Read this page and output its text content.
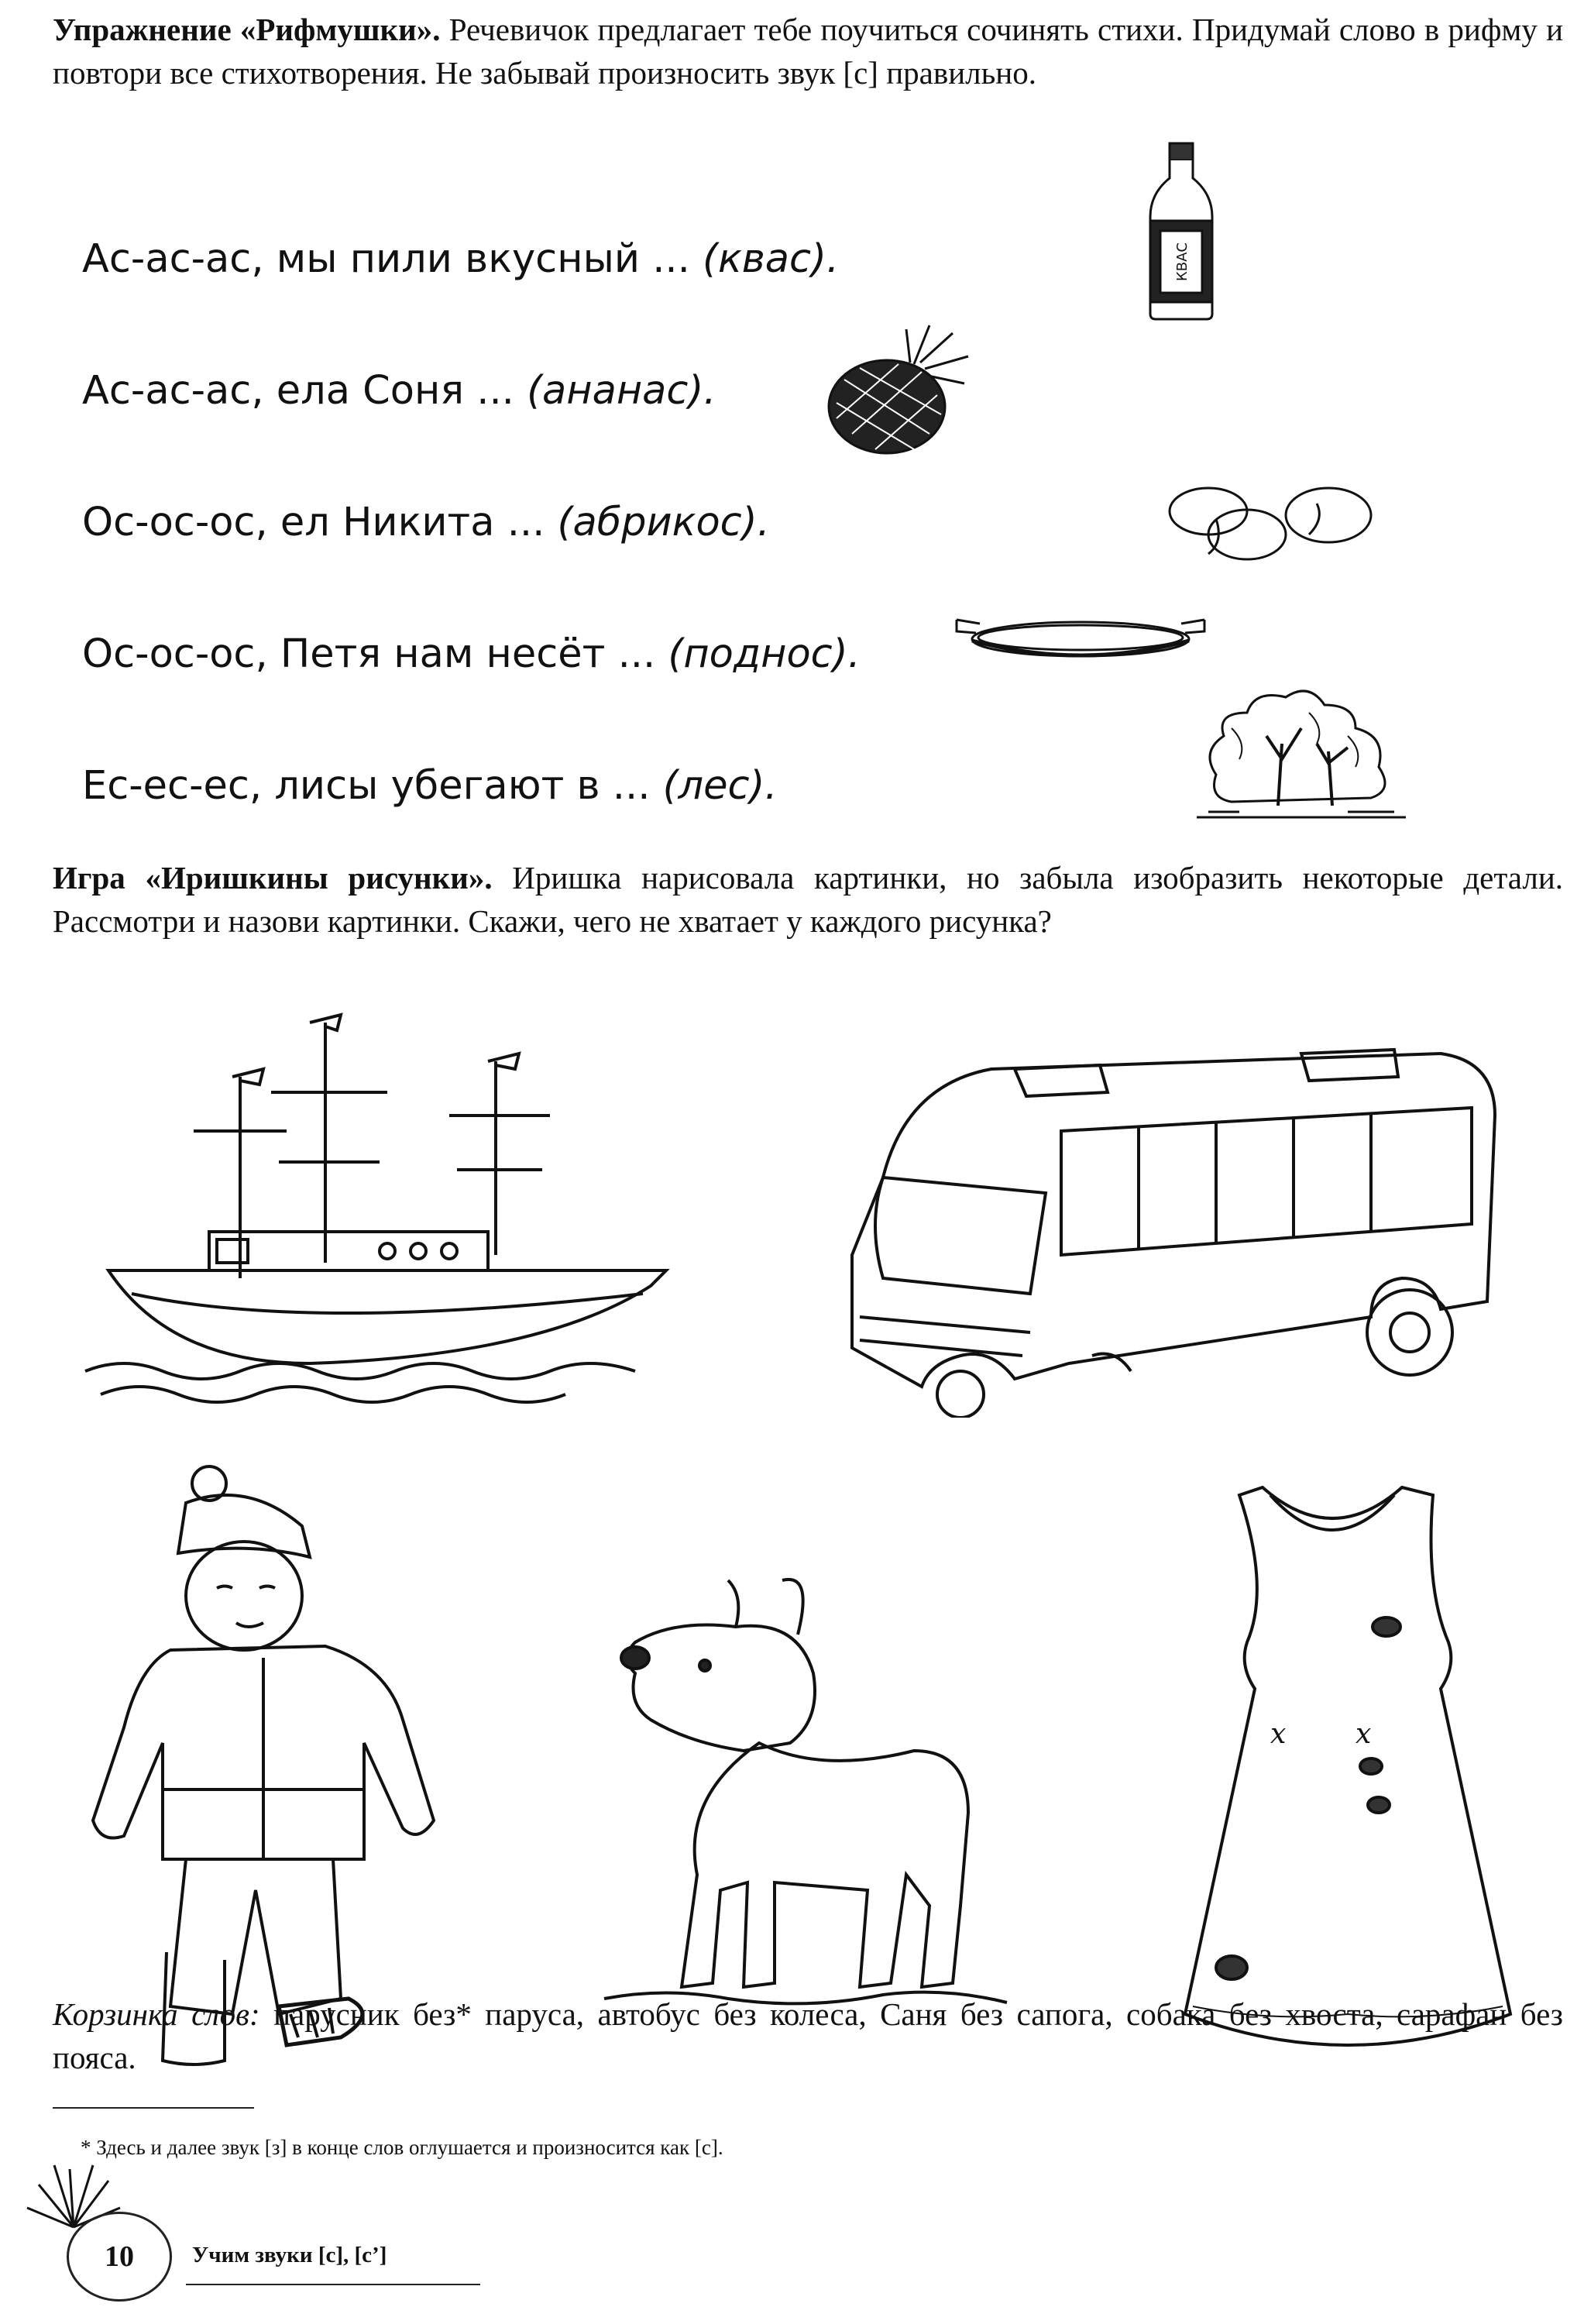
Упражнение «Рифмушки». Речевичок предлагает тебе поучиться сочинять стихи. Придумай слово в рифму и повтори все стихотворения. Не забывай произносить звук [с] правильно.
Ас-ас-ас, мы пили вкусный ... (квас).
Ас-ас-ас, ела Соня ... (ананас).
Ос-ос-ос, ел Никита ... (абрикос).
Ос-ос-ос, Петя нам несёт ... (поднос).
Ес-ес-ес, лисы убегают в ... (лес).
КВАС
Игра «Иришкины рисунки». Иришка нарисовала картинки, но забыла изобразить некоторые детали. Рассмотри и назови картинки. Скажи, чего не хватает у каждого рисунка?
x x
Корзинка слов: парусник без* паруса, автобус без колеса, Саня без сапога, собака без хвоста, сарафан без пояса.
* Здесь и далее звук [з] в конце слов оглушается и произносится как [с].
10	Учим звуки [с], [с’]
